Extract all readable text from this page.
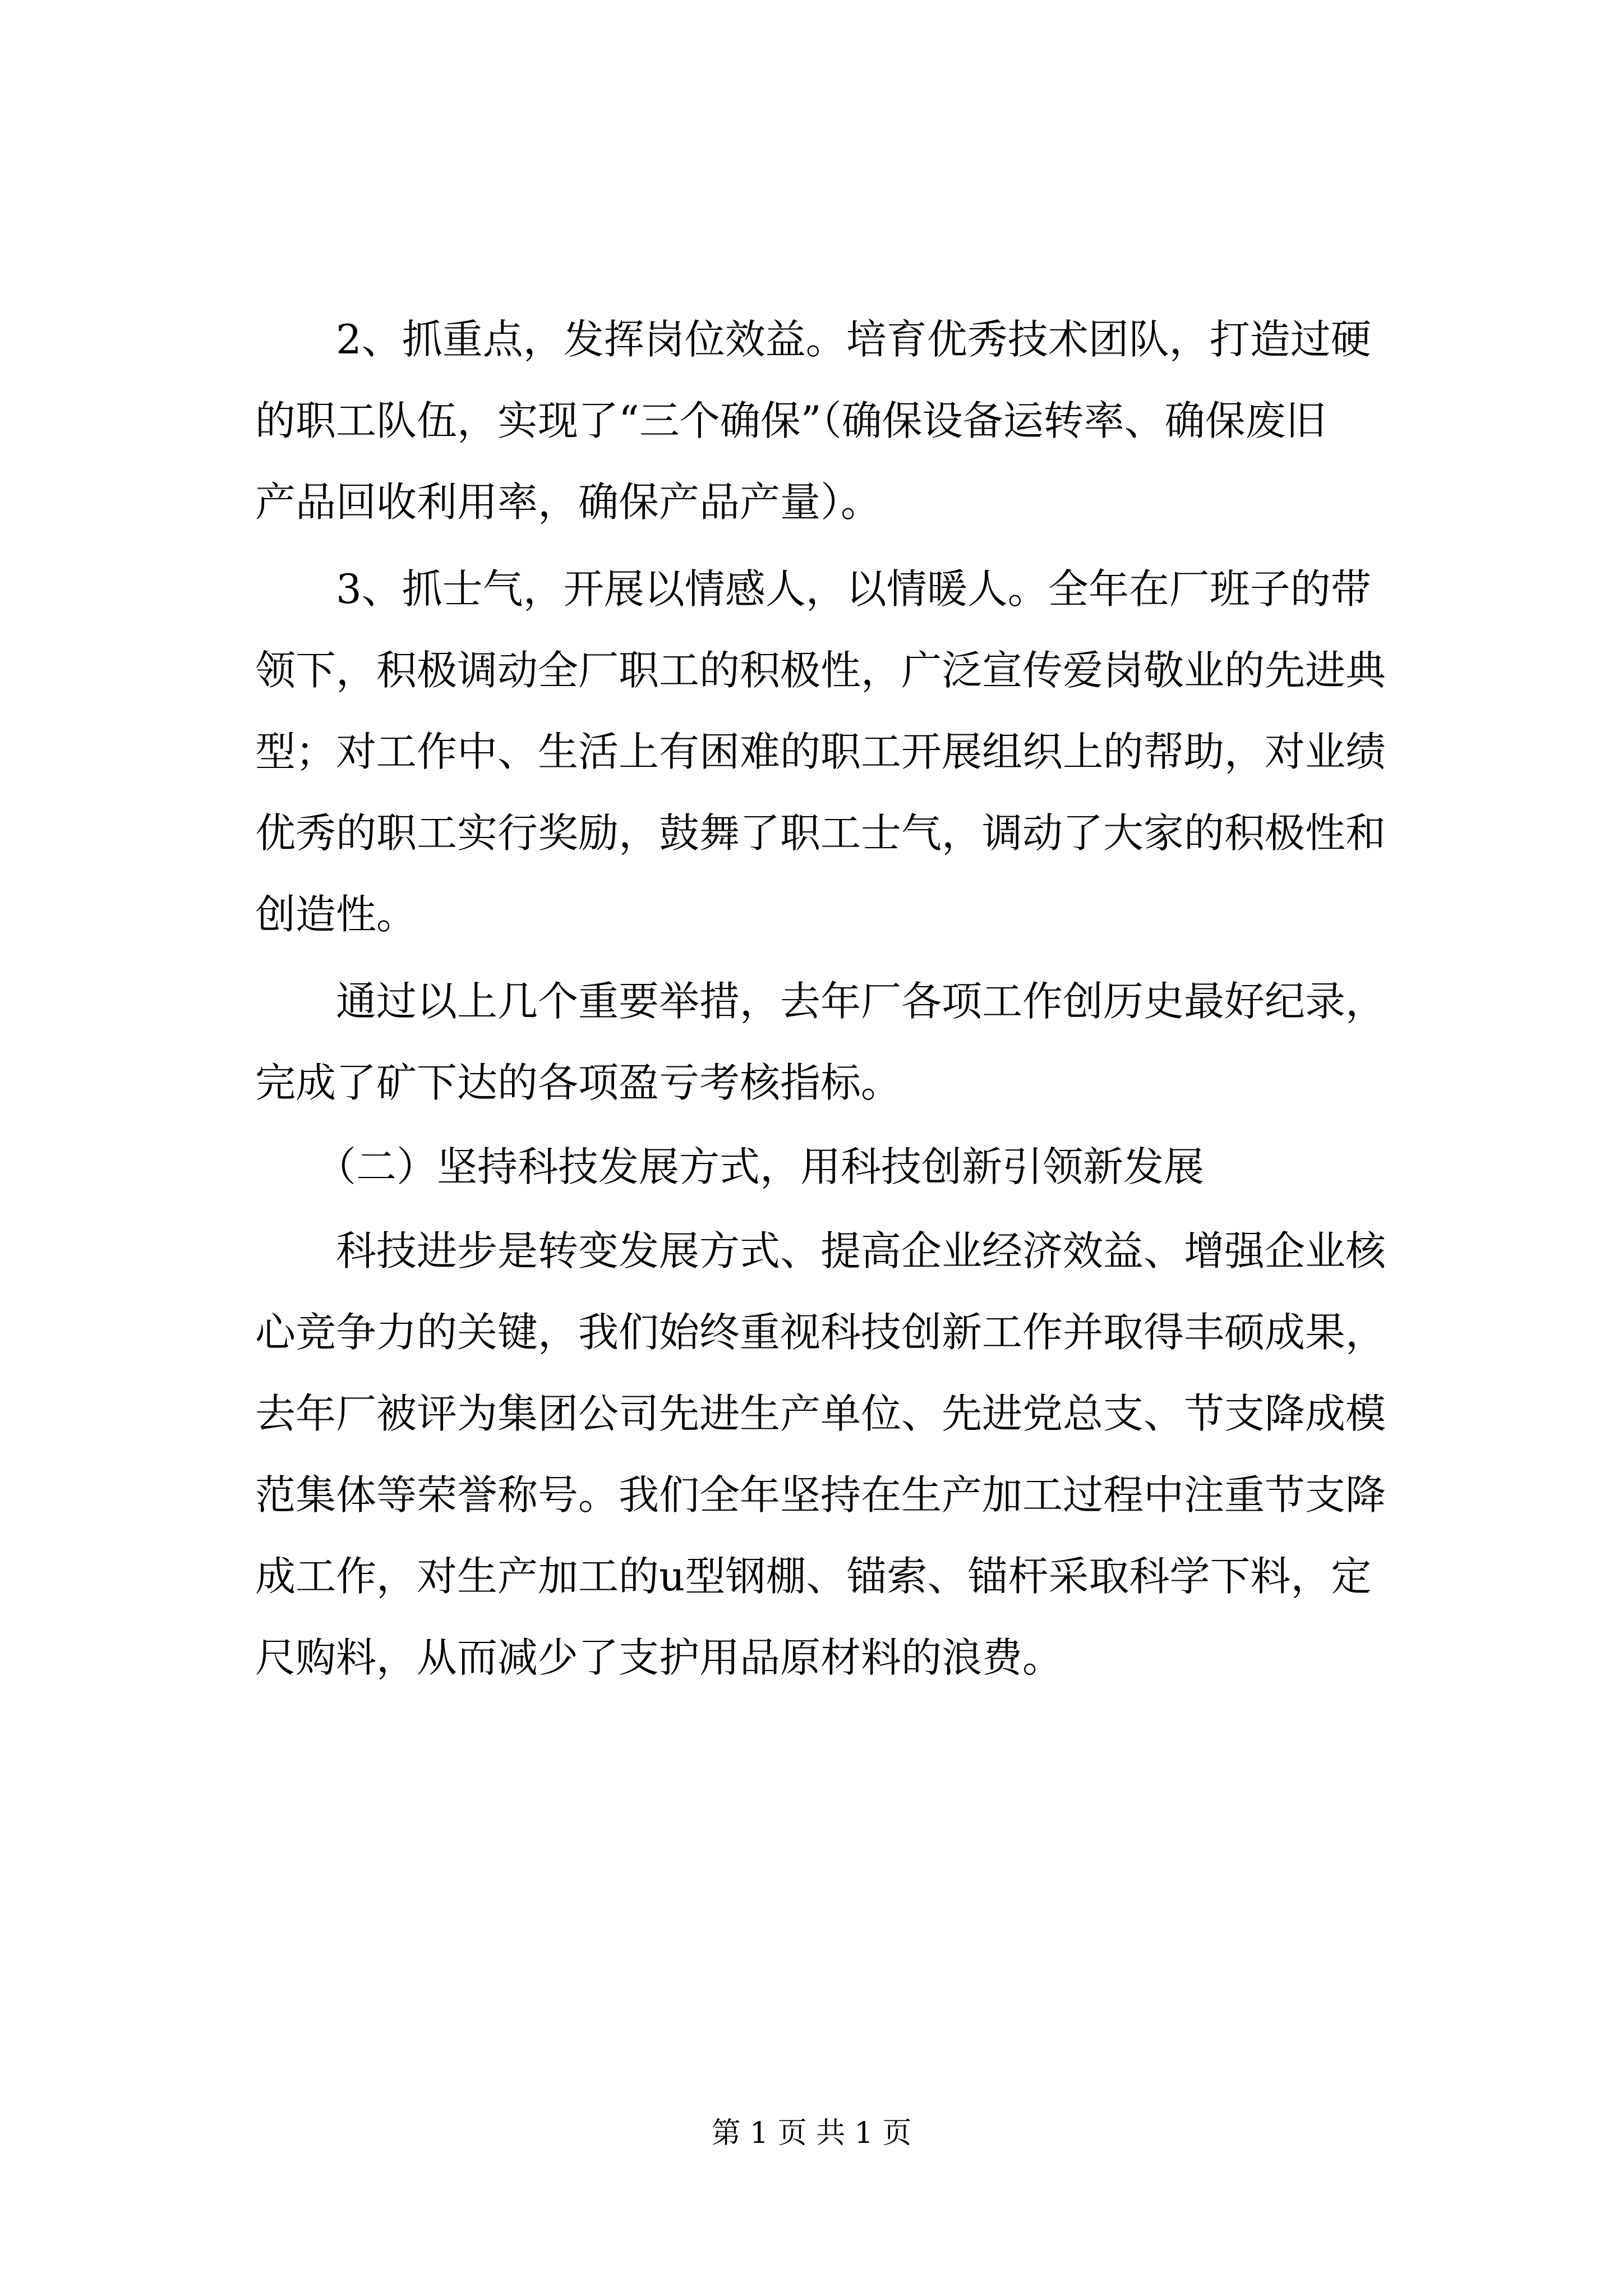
　　2、抓重点，发挥岗位效益。培育优秀技术团队，打造过硬
的职工队伍，实现了“三个确保”（确保设备运转率、确保废旧
产品回收利用率，确保产品产量）。
　　3、抓士气，开展以情感人，以情暖人。全年在厂班子的带
领下，积极调动全厂职工的积极性，广泛宣传爱岗敬业的先进典
型；对工作中、生活上有困难的职工开展组织上的帮助，对业绩
优秀的职工实行奖励，鼓舞了职工士气，调动了大家的积极性和
创造性。
　　通过以上几个重要举措，去年厂各项工作创历史最好纪录，
完成了矿下达的各项盈亏考核指标。
　　（二）坚持科技发展方式，用科技创新引领新发展
　　科技进步是转变发展方式、提高企业经济效益、增强企业核
心竞争力的关键，我们始终重视科技创新工作并取得丰硕成果，
去年厂被评为集团公司先进生产单位、先进党总支、节支降成模
范集体等荣誉称号。我们全年坚持在生产加工过程中注重节支降
成工作，对生产加工的u型钢棚、锚索、锚杆采取科学下料，定
尺购料，从而减少了支护用品原材料的浪费。
第 1 页 共 1 页
